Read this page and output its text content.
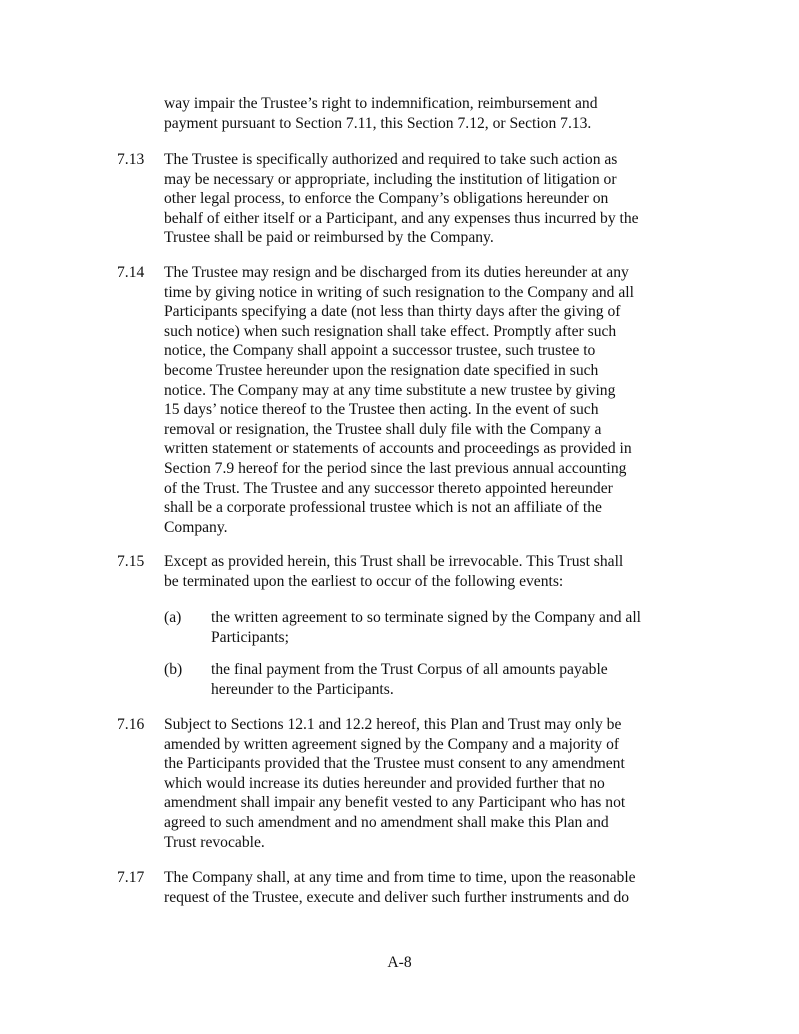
way impair the Trustee’s right to indemnification, reimbursement and
payment pursuant to Section 7.11, this Section 7.12, or Section 7.13.

7.13 The Trustee is specifically authorized and required to take such action as
may be necessary or appropriate, including the institution of litigation or
other legal process, to enforce the Company’s obligations hereunder on
behalf of either itself or a Participant, and any expenses thus incurred by the
Trustee shall be paid or reimbursed by the Company.

7.14 The Trustee may resign and be discharged from its duties hereunder at any
time by giving notice in writing of such resignation to the Company and all
Participants specifying a date (not less than thirty days after the giving of
such notice) when such resignation shall take effect. Promptly after such
notice, the Company shall appoint a successor trustee, such trustee to
become Trustee hereunder upon the resignation date specified in such
notice. The Company may at any time substitute a new trustee by giving
15 days’ notice thereof to the Trustee then acting. In the event of such
removal or resignation, the Trustee shall duly file with the Company a
written statement or statements of accounts and proceedings as provided in
Section 7.9 hereof for the period since the last previous annual accounting
of the Trust. The Trustee and any successor thereto appointed hereunder
shall be a corporate professional trustee which is not an affiliate of the
Company.

7.15 Except as provided herein, this Trust shall be irrevocable. This Trust shall
be terminated upon the earliest to occur of the following events:

(a) the written agreement to so terminate signed by the Company and all
Participants;

(b) the final payment from the Trust Corpus of all amounts payable
hereunder to the Participants.

7.16 Subject to Sections 12.1 and 12.2 hereof, this Plan and Trust may only be
amended by written agreement signed by the Company and a majority of
the Participants provided that the Trustee must consent to any amendment
which would increase its duties hereunder and provided further that no
amendment shall impair any benefit vested to any Participant who has not
agreed to such amendment and no amendment shall make this Plan and
Trust revocable.

7.17 The Company shall, at any time and from time to time, upon the reasonable
request of the Trustee, execute and deliver such further instruments and do

A-8
